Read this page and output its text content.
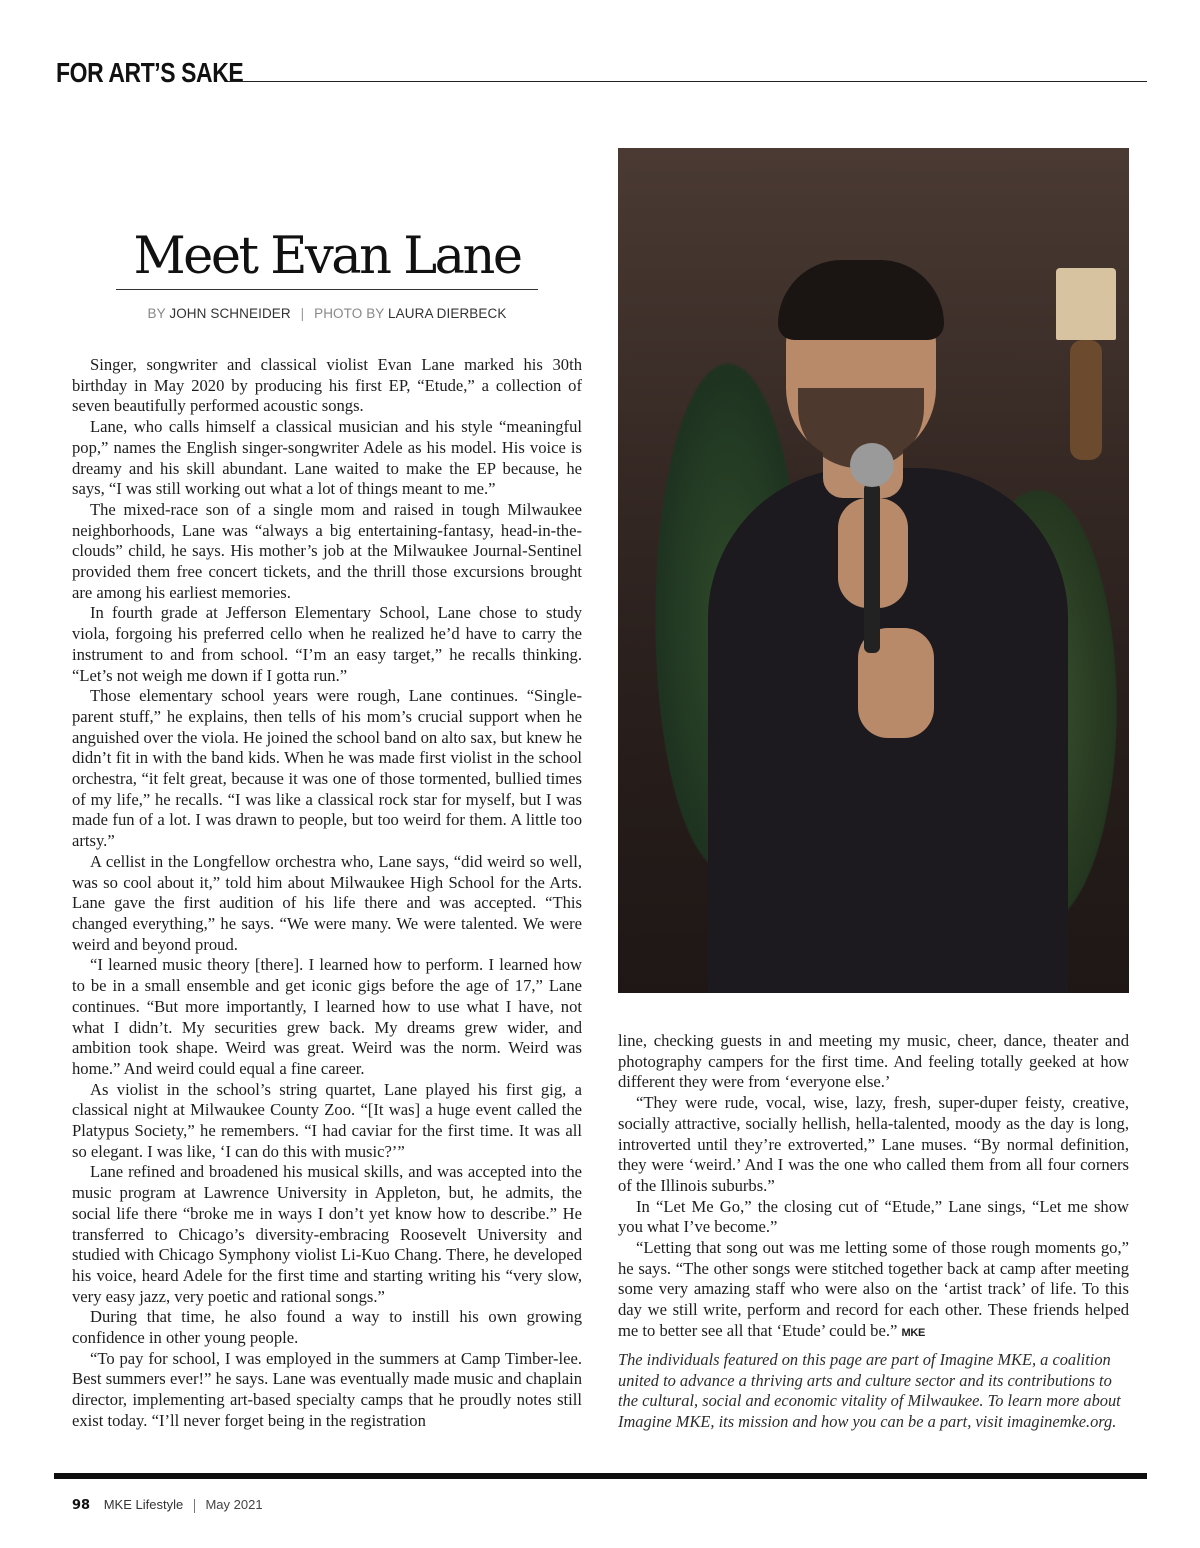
FOR ART’S SAKE
Meet Evan Lane
BY JOHN SCHNEIDER | PHOTO BY LAURA DIERBECK

Singer, songwriter and classical violist Evan Lane marked his 30th birthday in May 2020 by producing his first EP, “Etude,” a collection of seven beautifully performed acoustic songs.

Lane, who calls himself a classical musician and his style “meaningful pop,” names the English singer-songwriter Adele as his model. His voice is dreamy and his skill abundant. Lane waited to make the EP because, he says, “I was still working out what a lot of things meant to me.”

The mixed-race son of a single mom and raised in tough Milwaukee neighborhoods, Lane was “always a big entertaining-fantasy, head-in-the-clouds” child, he says. His mother’s job at the Milwaukee Journal-Sentinel provided them free concert tickets, and the thrill those excursions brought are among his earliest memories.

In fourth grade at Jefferson Elementary School, Lane chose to study viola, forgoing his preferred cello when he realized he’d have to carry the instrument to and from school. “I’m an easy target,” he recalls thinking. “Let’s not weigh me down if I gotta run.”

Those elementary school years were rough, Lane continues. “Single-parent stuff,” he explains, then tells of his mom’s crucial support when he anguished over the viola. He joined the school band on alto sax, but knew he didn’t fit in with the band kids. When he was made first violist in the school orchestra, “it felt great, because it was one of those tormented, bullied times of my life,” he recalls. “I was like a classical rock star for myself, but I was made fun of a lot. I was drawn to people, but too weird for them. A little too artsy.”

A cellist in the Longfellow orchestra who, Lane says, “did weird so well, was so cool about it,” told him about Milwaukee High School for the Arts. Lane gave the first audition of his life there and was accepted. “This changed everything,” he says. “We were many. We were talented. We were weird and beyond proud.

“I learned music theory [there]. I learned how to perform. I learned how to be in a small ensemble and get iconic gigs before the age of 17,” Lane continues. “But more importantly, I learned how to use what I have, not what I didn’t. My securities grew back. My dreams grew wider, and ambition took shape. Weird was great. Weird was the norm. Weird was home.” And weird could equal a fine career.

As violist in the school’s string quartet, Lane played his first gig, a classical night at Milwaukee County Zoo. “[It was] a huge event called the Platypus Society,” he remembers. “I had caviar for the first time. It was all so elegant. I was like, ‘I can do this with music?’”

Lane refined and broadened his musical skills, and was accepted into the music program at Lawrence University in Appleton, but, he admits, the social life there “broke me in ways I don’t yet know how to describe.” He transferred to Chicago’s diversity-embracing Roosevelt University and studied with Chicago Symphony violist Li-Kuo Chang. There, he developed his voice, heard Adele for the first time and starting writing his “very slow, very easy jazz, very poetic and rational songs.”

During that time, he also found a way to instill his own growing confidence in other young people.

“To pay for school, I was employed in the summers at Camp Timber-lee. Best summers ever!” he says. Lane was eventually made music and chaplain director, implementing art-based specialty camps that he proudly notes still exist today. “I’ll never forget being in the registration

line, checking guests in and meeting my music, cheer, dance, theater and photography campers for the first time. And feeling totally geeked at how different they were from ‘everyone else.’

“They were rude, vocal, wise, lazy, fresh, super-duper feisty, creative, socially attractive, socially hellish, hella-talented, moody as the day is long, introverted until they’re extroverted,” Lane muses. “By normal definition, they were ‘weird.’ And I was the one who called them from all four corners of the Illinois suburbs.”

In “Let Me Go,” the closing cut of “Etude,” Lane sings, “Let me show you what I’ve become.”

“Letting that song out was me letting some of those rough moments go,” he says. “The other songs were stitched together back at camp after meeting some very amazing staff who were also on the ‘artist track’ of life. To this day we still write, perform and record for each other. These friends helped me to better see all that ‘Etude’ could be.” MKE

The individuals featured on this page are part of Imagine MKE, a coalition united to advance a thriving arts and culture sector and its contributions to the cultural, social and economic vitality of Milwaukee. To learn more about Imagine MKE, its mission and how you can be a part, visit imaginemke.org.
98 MKE Lifestyle May 2021
